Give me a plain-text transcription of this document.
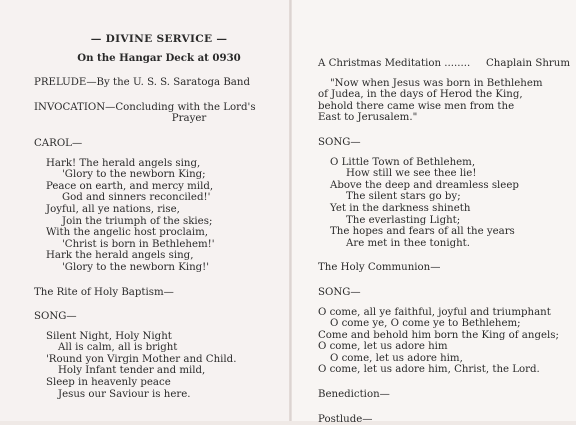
— DIVINE SERVICE —
On the Hangar Deck at 0930
PRELUDE—By the U. S. S. Saratoga Band
INVOCATION—Concluding with the Lord's
Prayer
CAROL—
Hark! The herald angels sing,
'Glory to the newborn King;
Peace on earth, and mercy mild,
God and sinners reconciled!'
Joyful, all ye nations, rise,
Join the triumph of the skies;
With the angelic host proclaim,
'Christ is born in Bethlehem!'
Hark the herald angels sing,
'Glory to the newborn King!'
The Rite of Holy Baptism—
SONG—
Silent Night, Holy Night
All is calm, all is bright
'Round yon Virgin Mother and Child.
Holy Infant tender and mild,
Sleep in heavenly peace
Jesus our Saviour is here.
A Christmas Meditation ........ Chaplain Shrum
"Now when Jesus was born in Bethlehem
of Judea, in the days of Herod the King,
behold there came wise men from the
East to Jerusalem."
SONG—
O Little Town of Bethlehem,
How still we see thee lie!
Above the deep and dreamless sleep
The silent stars go by;
Yet in the darkness shineth
The everlasting Light;
The hopes and fears of all the years
Are met in thee tonight.
The Holy Communion—
SONG—
O come, all ye faithful, joyful and triumphant
O come ye, O come ye to Bethlehem;
Come and behold him born the King of angels;
O come, let us adore him
O come, let us adore him,
O come, let us adore him, Christ, the Lord.
Benediction—
Postlude—
